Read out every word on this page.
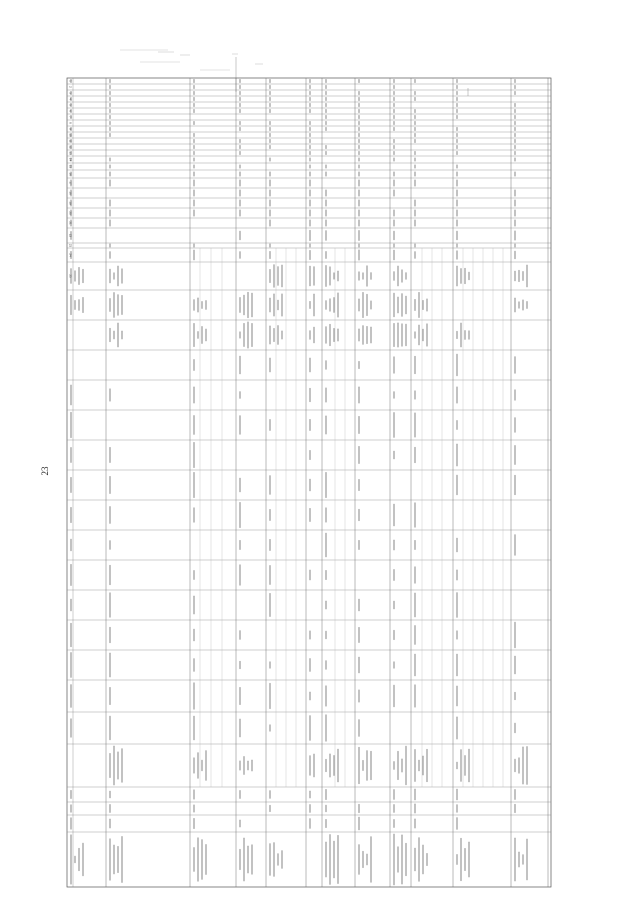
23
1
2
3
4
5
6
7
8
9
10
11
12
13
14
15
16
17
18
19
20
21
22
23
24
25
